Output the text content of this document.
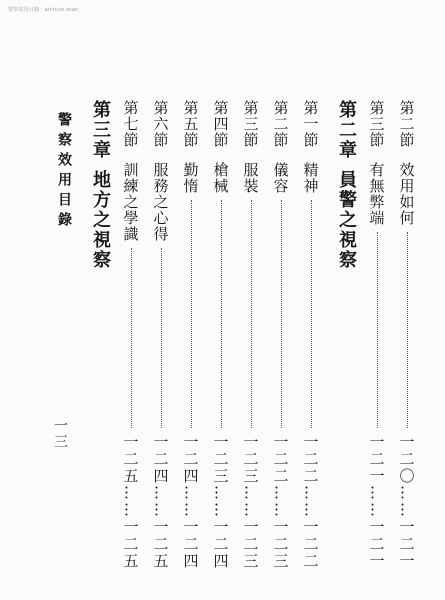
警察效用目錄 · archive scan
警察效用目錄
一三
第二節
效用如何
一二〇……一二一
第三節
有無弊端
一二一……一二一
第二章
員警之視察
第一節
精神
一二二……一二二
第二節
儀容
一二二……一二三
第三節
服裝
一二三……一二三
第四節
槍械
一二三……一二四
第五節
勤惰
一二四……一二四
第六節
服務之心得
一二四……一二五
第七節
訓練之學識
一二五……一二五
第三章
地方之視察
